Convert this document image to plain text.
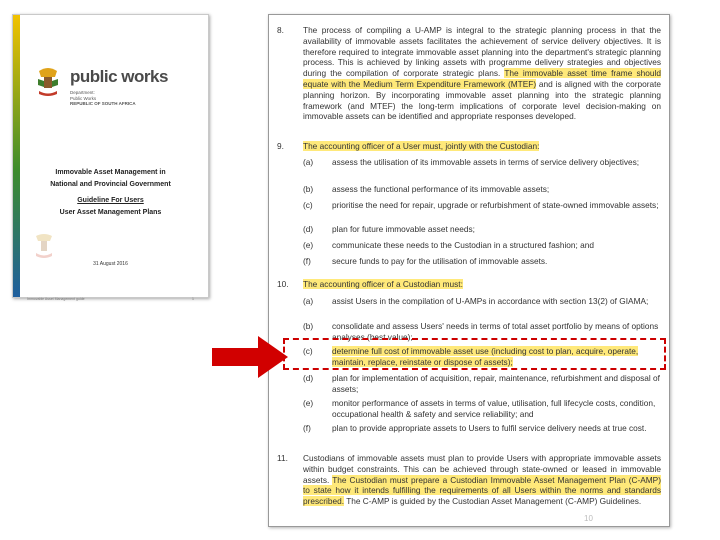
public works
Department:
Public Works
REPUBLIC OF SOUTH AFRICA
Immovable Asset Management in
National and Provincial Government
Guideline For Users
User Asset Management Plans
31 August 2016
Immovable Asset Management guide	1
8. The process of compiling a U-AMP is integral to the strategic planning process in that the availability of immovable assets facilitates the achievement of service delivery objectives. It is therefore required to integrate immovable asset planning into the department's strategic planning process. This is achieved by linking assets with programme delivery strategies and objectives during the compilation of corporate strategic plans. The immovable asset time frame should equate with the Medium Term Expenditure Framework (MTEF) and is aligned with the corporate planning horizon. By incorporating immovable asset planning into the strategic planning framework (and MTEF) the long-term implications of corporate level decision-making on immovable assets can be identified and appropriate responses developed.
9. The accounting officer of a User must, jointly with the Custodian:
(a) assess the utilisation of its immovable assets in terms of service delivery objectives;
(b) assess the functional performance of its immovable assets;
(c) prioritise the need for repair, upgrade or refurbishment of state-owned immovable assets;
(d) plan for future immovable asset needs;
(e) communicate these needs to the Custodian in a structured fashion; and
(f)	secure funds to pay for the utilisation of immovable assets.
10. The accounting officer of a Custodian must:
(a) assist Users in the compilation of U-AMPs in accordance with section 13(2) of GIAMA;
(b) consolidate and assess Users' needs in terms of total asset portfolio by means of options analyses (best value);
(c) determine full cost of immovable asset use (including cost to plan, acquire, operate, maintain, replace, reinstate or dispose of assets);
(d) plan for implementation of acquisition, repair, maintenance, refurbishment and disposal of assets;
(e) monitor performance of assets in terms of value, utilisation, full lifecycle costs, condition, occupational health & safety and service reliability; and
(f)	plan to provide appropriate assets to Users to fulfil service delivery needs at true cost.
11. Custodians of immovable assets must plan to provide Users with appropriate immovable assets within budget constraints. This can be achieved through state-owned or leased in immovable assets. The Custodian must prepare a Custodian Immovable Asset Management Plan (C-AMP) to state how it intends fulfilling the requirements of all Users within the norms and standards prescribed. The C-AMP is guided by the Custodian Asset Management (C-AMP) Guidelines.
10
